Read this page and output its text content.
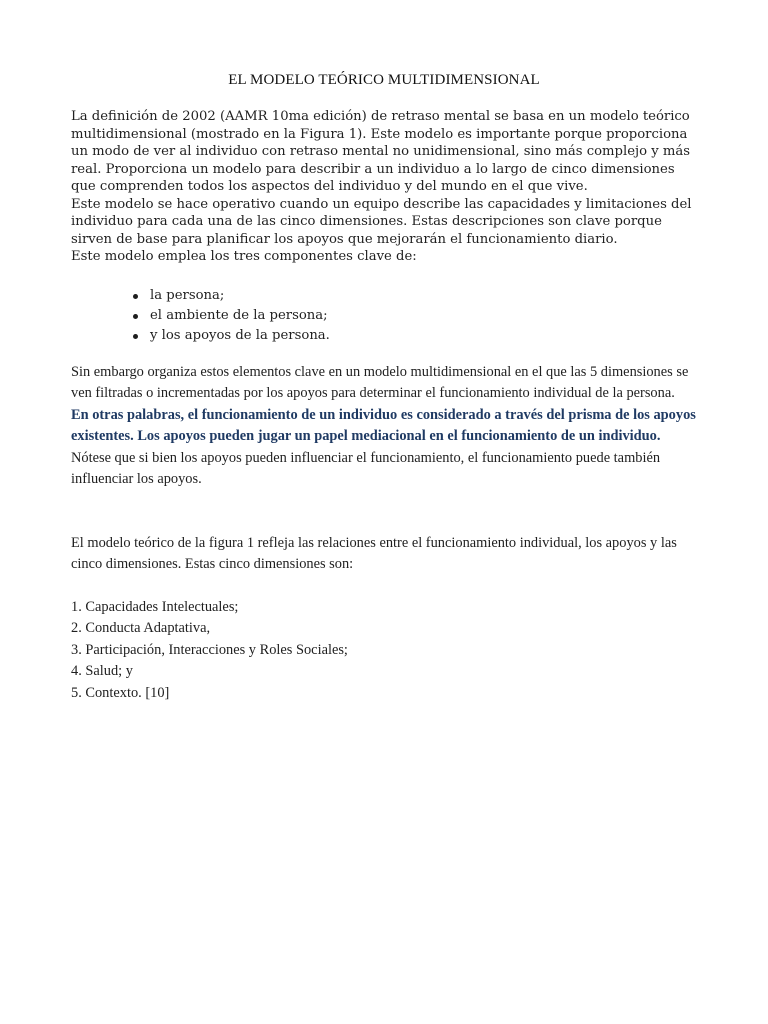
EL MODELO TEÓRICO MULTIDIMENSIONAL

La definición de 2002 (AAMR 10ma edición) de retraso mental se basa en un modelo teórico multidimensional (mostrado en la Figura 1). Este modelo es importante porque proporciona un modo de ver al individuo con retraso mental no unidimensional, sino más complejo y más real. Proporciona un modelo para describir a un individuo a lo largo de cinco dimensiones que comprenden todos los aspectos del individuo y del mundo en el que vive.

Este modelo se hace operativo cuando un equipo describe las capacidades y limitaciones del individuo para cada una de las cinco dimensiones. Estas descripciones son clave porque sirven de base para planificar los apoyos que mejorarán el funcionamiento diario.

Este modelo emplea los tres componentes clave de:

la persona;
el ambiente de la persona;
y los apoyos de la persona.

Sin embargo organiza estos elementos clave en un modelo multidimensional en el que las 5 dimensiones se ven filtradas o incrementadas por los apoyos para determinar el funcionamiento individual de la persona. En otras palabras, el funcionamiento de un individuo es considerado a través del prisma de los apoyos existentes. Los apoyos pueden jugar un papel mediacional en el funcionamiento de un individuo.

Nótese que si bien los apoyos pueden influenciar el funcionamiento, el funcionamiento puede también influenciar los apoyos.

El modelo teórico de la figura 1 refleja las relaciones entre el funcionamiento individual, los apoyos y las cinco dimensiones. Estas cinco dimensiones son:

1. Capacidades Intelectuales;
2. Conducta Adaptativa,
3. Participación, Interacciones y Roles Sociales;
4. Salud; y
5. Contexto. [10]
